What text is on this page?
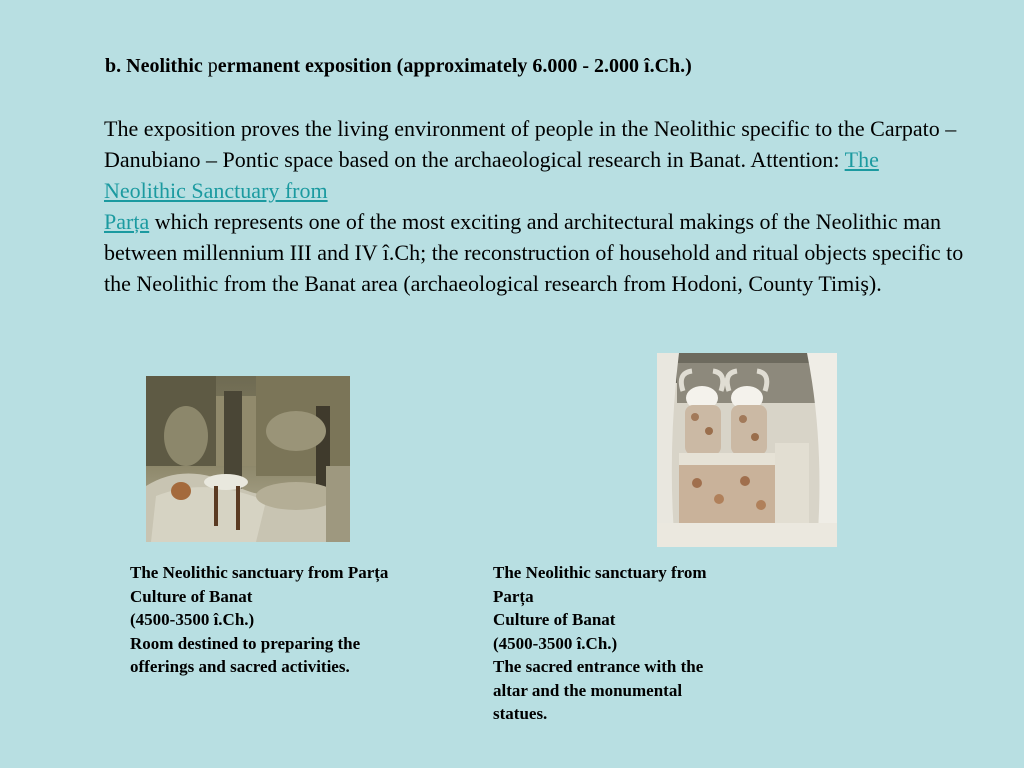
b. Neolithic permanent exposition (approximately 6.000 - 2.000 î.Ch.)
The exposition proves the living environment of people in the Neolithic specific to the Carpato – Danubiano – Pontic space based on the archaeological research in Banat. Attention: The Neolithic Sanctuary from
Parța which represents one of the most exciting and architectural makings of the Neolithic man between millennium III and IV î.Ch; the reconstruction of household and ritual objects specific to the Neolithic from the Banat area (archaeological research from Hodoni, County Timiş).
The Neolithic sanctuary from Parța
Culture of Banat
(4500-3500 î.Ch.)
Room destined to preparing the
offerings and sacred activities.
The Neolithic sanctuary from
Parța
Culture of Banat
(4500-3500 î.Ch.)
The sacred entrance with the
altar and the monumental
statues.
